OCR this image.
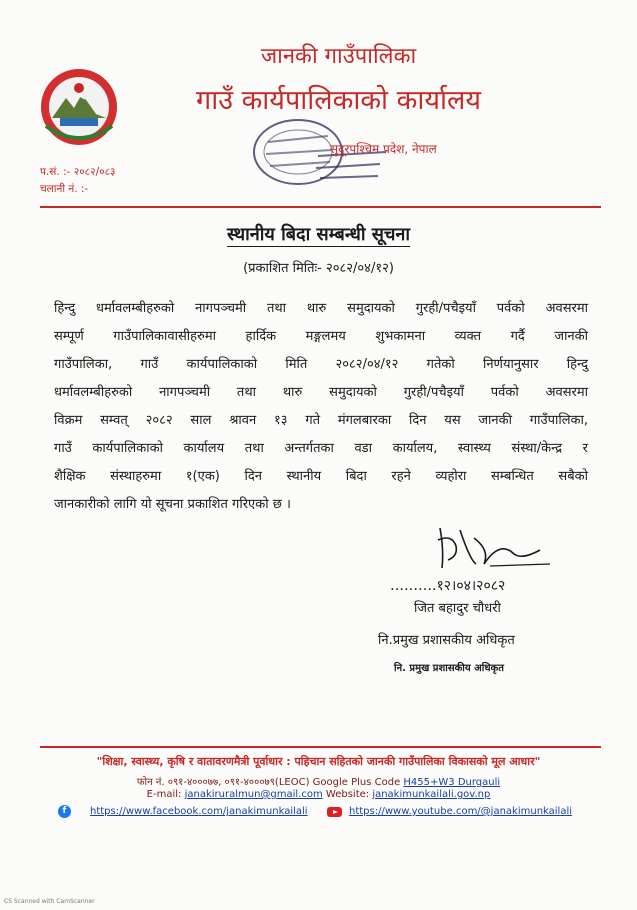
जानकी गाउँपालिका
गाउँ कार्यपालिकाको कार्यालय
सुदूरपश्चिम प्रदेश, नेपाल
प.सं. :- २०८२/०८३
चलानी नं. :-
स्थानीय बिदा सम्बन्धी सूचना
(प्रकाशित मितिः- २०८२/०४/१२)
हिन्दु धर्मावलम्बीहरुको नागपञ्चमी तथा थारु समुदायको गुरही/पचैइयाँ पर्वको अवसरमा
सम्पूर्ण गाउँपालिकावासीहरुमा हार्दिक मङ्गलमय शुभकामना व्यक्त गर्दै जानकी
गाउँपालिका, गाउँ कार्यपालिकाको मिति २०८२/०४/१२ गतेको निर्णयानुसार हिन्दु
धर्मावलम्बीहरुको नागपञ्चमी तथा थारु समुदायको गुरही/पचैइयाँ पर्वको अवसरमा
विक्रम सम्वत् २०८२ साल श्रावन १३ गते मंगलबारका दिन यस जानकी गाउँपालिका,
गाउँ कार्यपालिकाको कार्यालय तथा अन्तर्गतका वडा कार्यालय, स्वास्थ्य संस्था/केन्द्र र
शैक्षिक संस्थाहरुमा १(एक) दिन स्थानीय बिदा रहने व्यहोरा सम्बन्धित सबैको
जानकारीको लागि यो सूचना प्रकाशित गरिएको छ ।
……….१२।०४।२०८२
जित बहादुर चौधरी
नि.प्रमुख प्रशासकीय अधिकृत
नि. प्रमुख प्रशासकीय अधिकृत
"शिक्षा, स्वास्थ्य, कृषि र वातावरणमैत्री पूर्वाधार : पहिचान सहितको जानकी गाउँपालिका विकासको मूल आधार"
फोन नं. ०९१-४०००७७, ०९१-४०००७९(LEOC) Google Plus Code H455+W3 Durgauli
E-mail: janakiruralmun@gmail.com Website: janakimunkailali.gov.np
f	https://www.facebook.com/janakimunkailali	https://www.youtube.com/@janakimunkailali
CS Scanned with CamScanner
